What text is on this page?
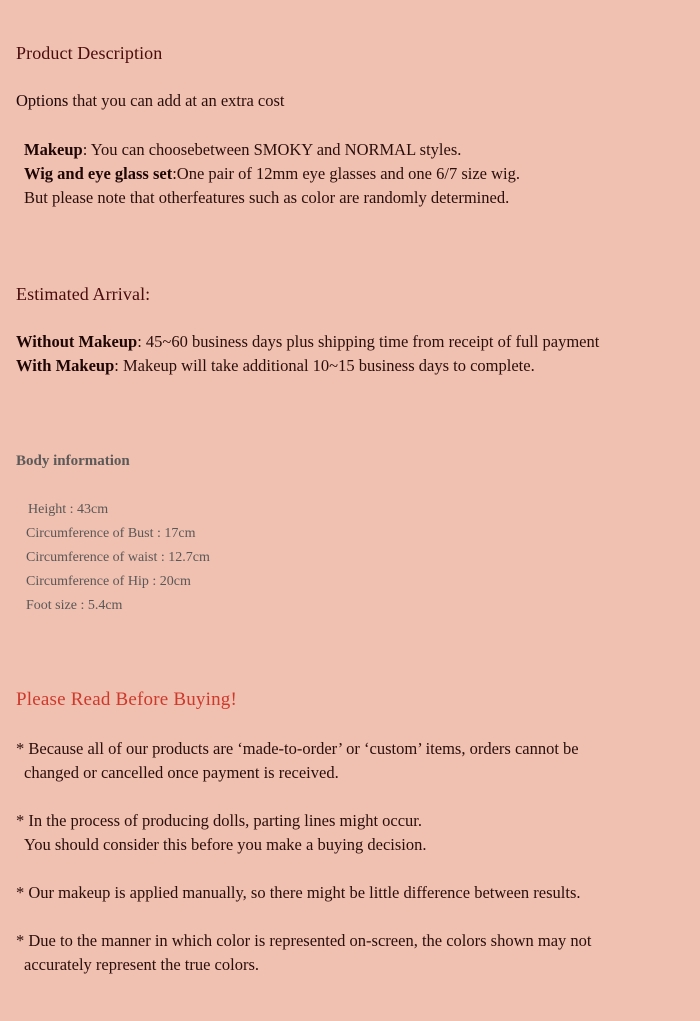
Product Description
Options that you can add at an extra cost
Makeup: You can choosebetween SMOKY and NORMAL styles.
Wig and eye glass set:One pair of 12mm eye glasses and one 6/7 size wig.
But please note that otherfeatures such as color are randomly determined.
Estimated Arrival:
Without Makeup: 45~60 business days plus shipping time from receipt of full payment
With Makeup: Makeup will take additional 10~15 business days to complete.
Body information
Height : 43cm
Circumference of Bust : 17cm
Circumference of waist : 12.7cm
Circumference of Hip : 20cm
Foot size : 5.4cm
Please Read Before Buying!
* Because all of our products are ‘made-to-order’ or ‘custom’ items, orders cannot be
changed or cancelled once payment is received.
* In the process of producing dolls, parting lines might occur.
You should consider this before you make a buying decision.
* Our makeup is applied manually, so there might be little difference between results.
* Due to the manner in which color is represented on-screen, the colors shown may not
accurately represent the true colors.
